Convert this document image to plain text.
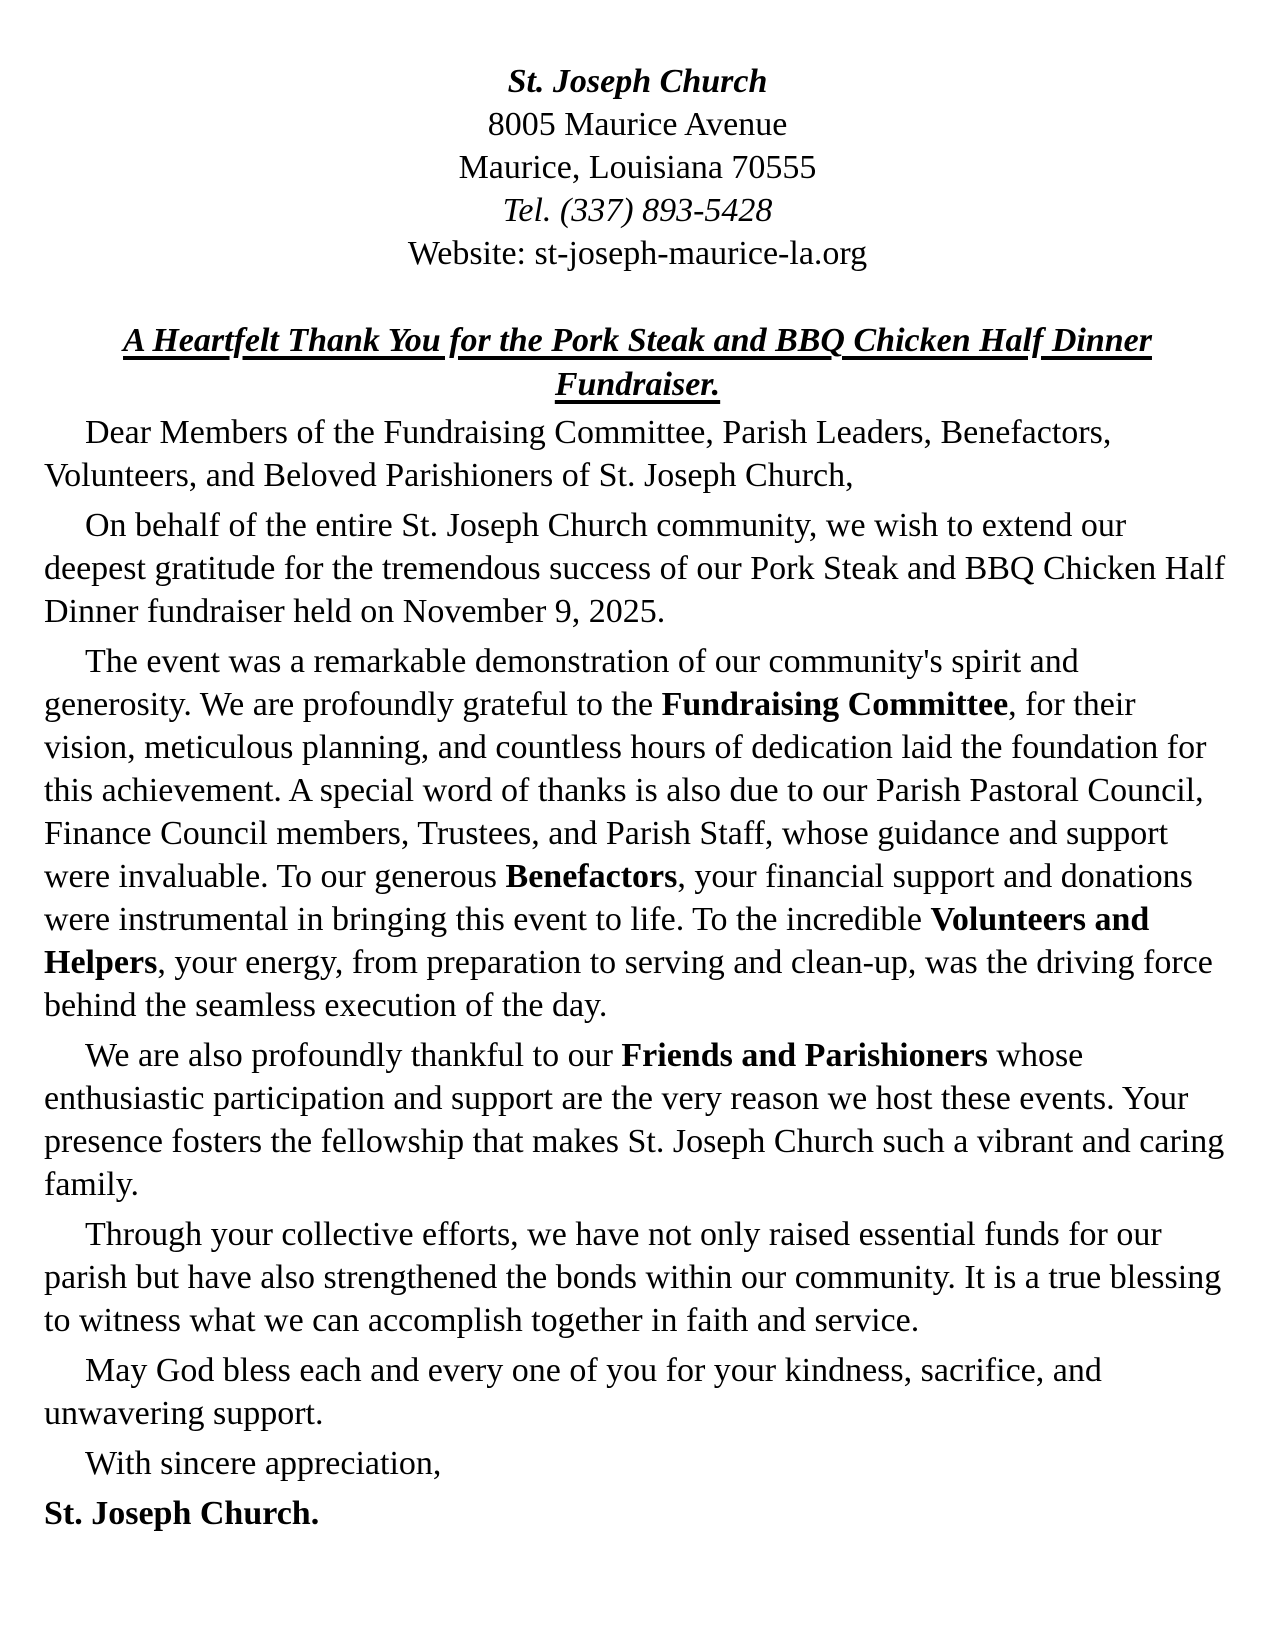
St. Joseph Church
8005 Maurice Avenue
Maurice, Louisiana 70555
Tel. (337) 893-5428
Website: st-joseph-maurice-la.org
A Heartfelt Thank You for the Pork Steak and BBQ Chicken Half Dinner Fundraiser.

Dear Members of the Fundraising Committee, Parish Leaders, Benefactors, Volunteers, and Beloved Parishioners of St. Joseph Church,

On behalf of the entire St. Joseph Church community, we wish to extend our deepest gratitude for the tremendous success of our Pork Steak and BBQ Chicken Half Dinner fundraiser held on November 9, 2025.

The event was a remarkable demonstration of our community's spirit and generosity. We are profoundly grateful to the Fundraising Committee, for their vision, meticulous planning, and countless hours of dedication laid the foundation for this achievement. A special word of thanks is also due to our Parish Pastoral Council, Finance Council members, Trustees, and Parish Staff, whose guidance and support were invaluable. To our generous Benefactors, your financial support and donations were instrumental in bringing this event to life. To the incredible Volunteers and Helpers, your energy, from preparation to serving and clean-up, was the driving force behind the seamless execution of the day.

We are also profoundly thankful to our Friends and Parishioners whose enthusiastic participation and support are the very reason we host these events. Your presence fosters the fellowship that makes St. Joseph Church such a vibrant and caring family.

Through your collective efforts, we have not only raised essential funds for our parish but have also strengthened the bonds within our community. It is a true blessing to witness what we can accomplish together in faith and service.

May God bless each and every one of you for your kindness, sacrifice, and unwavering support.

With sincere appreciation,

St. Joseph Church.
